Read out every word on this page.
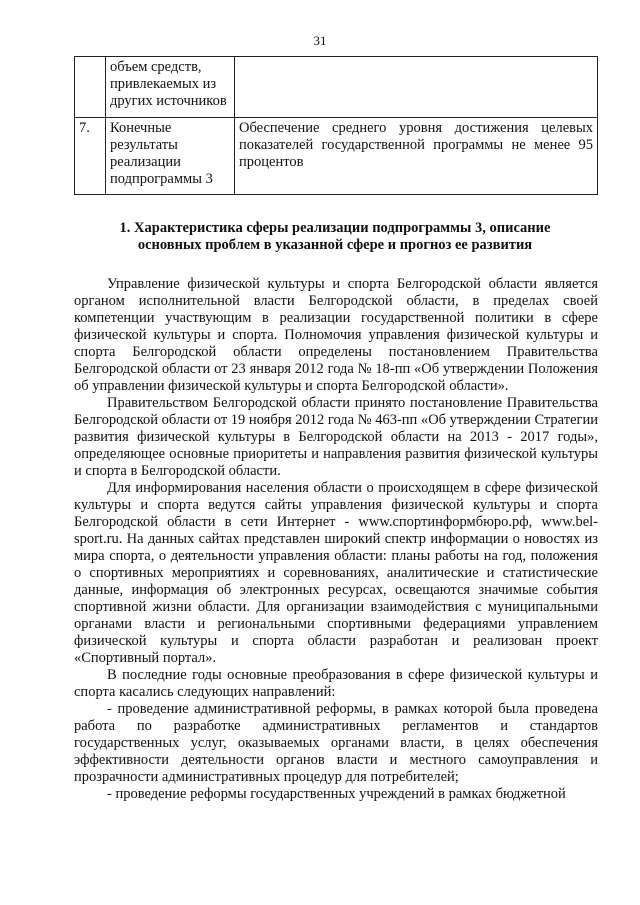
31
	объем средств, привлекаемых из других источников	
7.	Конечные результаты реализации подпрограммы 3	Обеспечение среднего уровня достижения целевых показателей государственной программы не менее 95 процентов
1. Характеристика сферы реализации подпрограммы 3, описание основных проблем в указанной сфере и прогноз ее развития

Управление физической культуры и спорта Белгородской области является органом исполнительной власти Белгородской области, в пределах своей компетенции участвующим в реализации государственной политики в сфере физической культуры и спорта. Полномочия управления физической культуры и спорта Белгородской области определены постановлением Правительства Белгородской области от 23 января 2012 года № 18-пп «Об утверждении Положения об управлении физической культуры и спорта Белгородской области».

Правительством Белгородской области принято постановление Правительства Белгородской области от 19 ноября 2012 года № 463-пп «Об утверждении Стратегии развития физической культуры в Белгородской области на 2013 - 2017 годы», определяющее основные приоритеты и направления развития физической культуры и спорта в Белгородской области.

Для информирования населения области о происходящем в сфере физической культуры и спорта ведутся сайты управления физической культуры и спорта Белгородской области в сети Интернет - www.спортинформбюро.рф, www.bel-sport.ru. На данных сайтах представлен широкий спектр информации о новостях из мира спорта, о деятельности управления области: планы работы на год, положения о спортивных мероприятиях и соревнованиях, аналитические и статистические данные, информация об электронных ресурсах, освещаются значимые события спортивной жизни области. Для организации взаимодействия с муниципальными органами власти и региональными спортивными федерациями управлением физической культуры и спорта области разработан и реализован проект «Спортивный портал».

В последние годы основные преобразования в сфере физической культуры и спорта касались следующих направлений:

- проведение административной реформы, в рамках которой была проведена работа по разработке административных регламентов и стандартов государственных услуг, оказываемых органами власти, в целях обеспечения эффективности деятельности органов власти и местного самоуправления и прозрачности административных процедур для потребителей;

- проведение реформы государственных учреждений в рамках бюджетной
